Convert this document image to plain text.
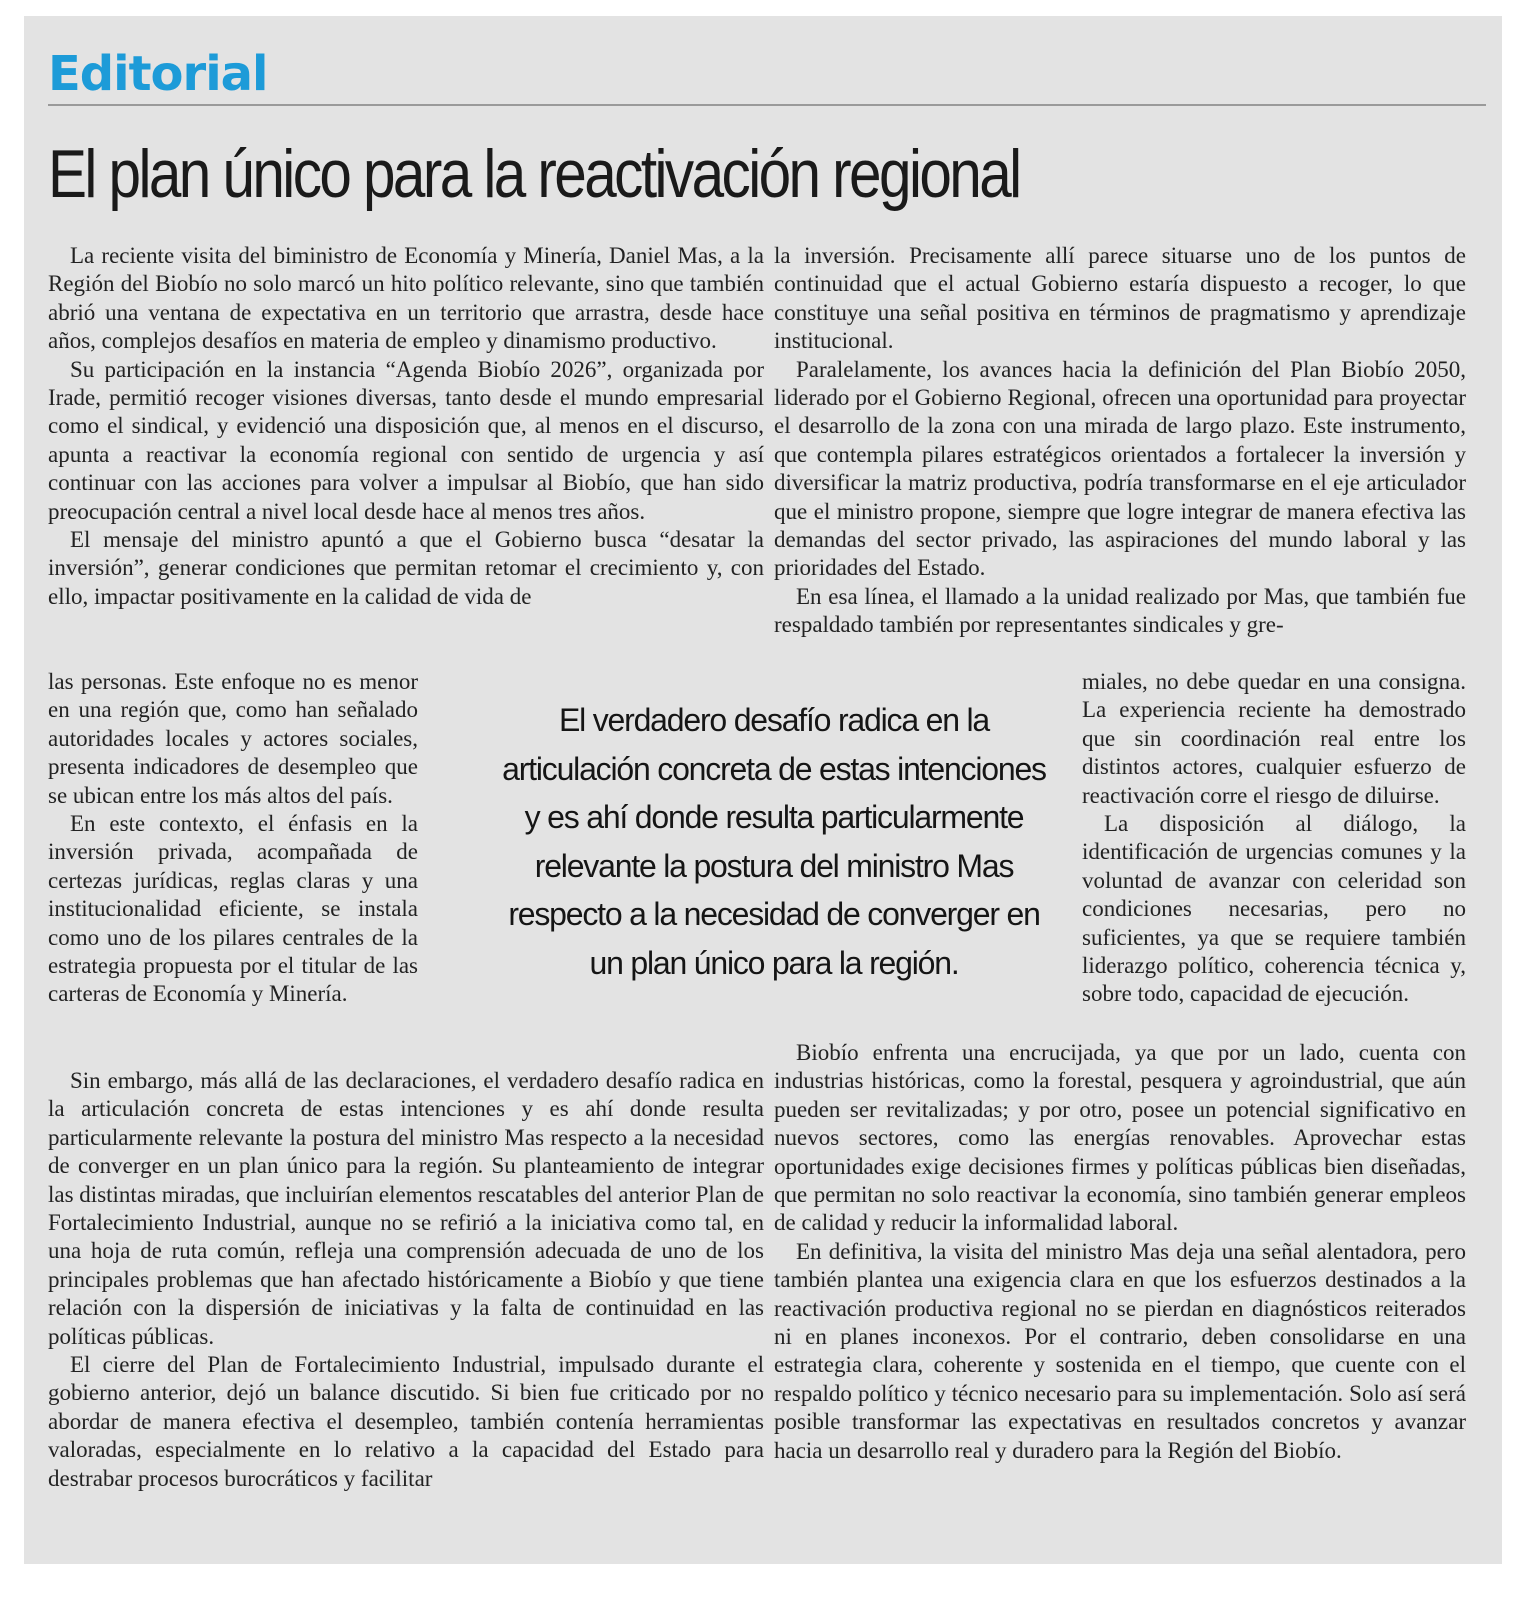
Editorial
El plan único para la reactivación regional

La reciente visita del biministro de Economía y Minería, Daniel Mas, a la Región del Biobío no solo marcó un hito político relevante, sino que también abrió una ventana de expectativa en un territorio que arrastra, desde hace años, complejos desafíos en materia de empleo y dinamismo productivo.

Su participación en la instancia “Agenda Biobío 2026”, organizada por Irade, permitió recoger visiones diversas, tanto desde el mundo empresarial como el sindical, y evidenció una disposición que, al menos en el discurso, apunta a reactivar la economía regional con sentido de urgencia y así continuar con las acciones para volver a impulsar al Biobío, que han sido preocupación central a nivel local desde hace al menos tres años.

El mensaje del ministro apuntó a que el Gobierno busca “desatar la inversión”, generar condiciones que permitan retomar el crecimiento y, con ello, impactar positivamente en la calidad de vida de

las personas. Este enfoque no es menor en una región que, como han señalado autoridades locales y actores sociales, presenta indicadores de desempleo que se ubican entre los más altos del país.

En este contexto, el énfasis en la inversión privada, acompañada de certezas jurídicas, reglas claras y una institucionalidad eficiente, se instala como uno de los pilares centrales de la estrategia propuesta por el titular de las carteras de Economía y Minería.

Sin embargo, más allá de las declaraciones, el verdadero desafío radica en la articulación concreta de estas intenciones y es ahí donde resulta particularmente relevante la postura del ministro Mas respecto a la necesidad de converger en un plan único para la región. Su planteamiento de integrar las distintas miradas, que incluirían elementos rescatables del anterior Plan de Fortalecimiento Industrial, aunque no se refirió a la iniciativa como tal, en una hoja de ruta común, refleja una comprensión adecuada de uno de los principales problemas que han afectado históricamente a Biobío y que tiene relación con la dispersión de iniciativas y la falta de continuidad en las políticas públicas.

El cierre del Plan de Fortalecimiento Industrial, impulsado durante el gobierno anterior, dejó un balance discutido. Si bien fue criticado por no abordar de manera efectiva el desempleo, también contenía herramientas valoradas, especialmente en lo relativo a la capacidad del Estado para destrabar procesos burocráticos y facilitar

la inversión. Precisamente allí parece situarse uno de los puntos de continuidad que el actual Gobierno estaría dispuesto a recoger, lo que constituye una señal positiva en términos de pragmatismo y aprendizaje institucional.

Paralelamente, los avances hacia la definición del Plan Biobío 2050, liderado por el Gobierno Regional, ofrecen una oportunidad para proyectar el desarrollo de la zona con una mirada de largo plazo. Este instrumento, que contempla pilares estratégicos orientados a fortalecer la inversión y diversificar la matriz productiva, podría transformarse en el eje articulador que el ministro propone, siempre que logre integrar de manera efectiva las demandas del sector privado, las aspiraciones del mundo laboral y las prioridades del Estado.

En esa línea, el llamado a la unidad realizado por Mas, que también fue respaldado también por representantes sindicales y gre-

miales, no debe quedar en una consigna. La experiencia reciente ha demostrado que sin coordinación real entre los distintos actores, cualquier esfuerzo de reactivación corre el riesgo de diluirse.

La disposición al diálogo, la identificación de urgencias comunes y la voluntad de avanzar con celeridad son condiciones necesarias, pero no suficientes, ya que se requiere también liderazgo político, coherencia técnica y, sobre todo, capacidad de ejecución.

Biobío enfrenta una encrucijada, ya que por un lado, cuenta con industrias históricas, como la forestal, pesquera y agroindustrial, que aún pueden ser revitalizadas; y por otro, posee un potencial significativo en nuevos sectores, como las energías renovables. Aprovechar estas oportunidades exige decisiones firmes y políticas públicas bien diseñadas, que permitan no solo reactivar la economía, sino también generar empleos de calidad y reducir la informalidad laboral.

En definitiva, la visita del ministro Mas deja una señal alentadora, pero también plantea una exigencia clara en que los esfuerzos destinados a la reactivación productiva regional no se pierdan en diagnósticos reiterados ni en planes inconexos. Por el contrario, deben consolidarse en una estrategia clara, coherente y sostenida en el tiempo, que cuente con el respaldo político y técnico necesario para su implementación. Solo así será posible transformar las expectativas en resultados concretos y avanzar hacia un desarrollo real y duradero para la Región del Biobío.

El verdadero desafío radica en la articulación concreta de estas intenciones y es ahí donde resulta particularmente relevante la postura del ministro Mas respecto a la necesidad de converger en un plan único para la región.
